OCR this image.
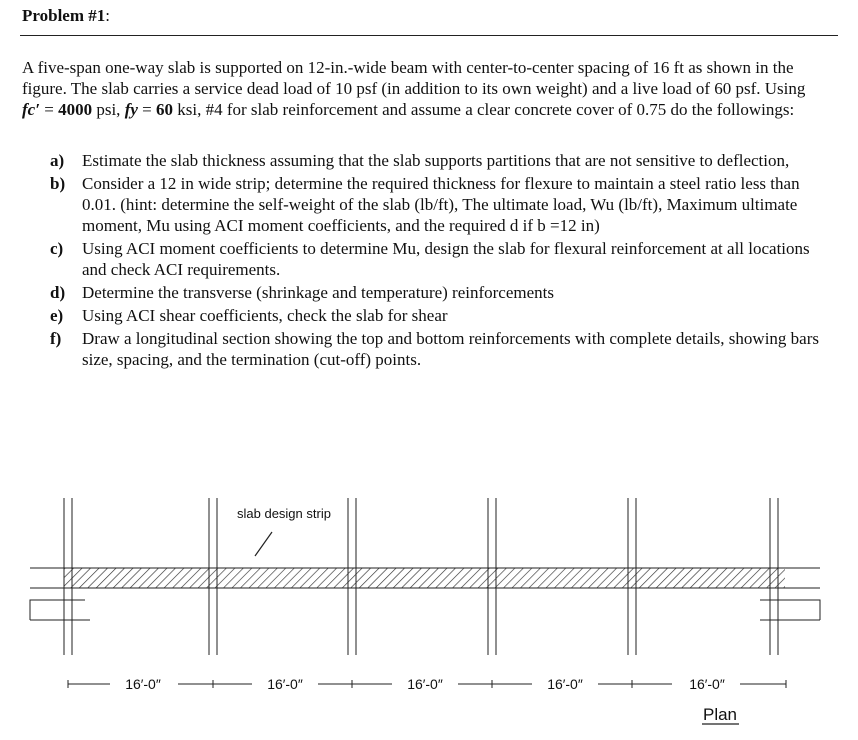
Problem #1:
A five-span one-way slab is supported on 12-in.-wide beam with center-to-center spacing of 16 ft as shown in the figure. The slab carries a service dead load of 10 psf (in addition to its own weight) and a live load of 60 psf. Using fc′ = 4000 psi, fy = 60 ksi, #4 for slab reinforcement and assume a clear concrete cover of 0.75 do the followings:
a) Estimate the slab thickness assuming that the slab supports partitions that are not sensitive to deflection,
b) Consider a 12 in wide strip; determine the required thickness for flexure to maintain a steel ratio less than 0.01. (hint: determine the self-weight of the slab (lb/ft), The ultimate load, Wu (lb/ft), Maximum ultimate moment, Mu using ACI moment coefficients, and the required d if b =12 in)
c) Using ACI moment coefficients to determine Mu, design the slab for flexural reinforcement at all locations and check ACI requirements.
d) Determine the transverse (shrinkage and temperature) reinforcements
e) Using ACI shear coefficients, check the slab for shear
f) Draw a longitudinal section showing the top and bottom reinforcements with complete details, showing bars size, spacing, and the termination (cut-off) points.
slab design strip
16′-0″	16′-0″	16′-0″	16′-0″	16′-0″
Plan
